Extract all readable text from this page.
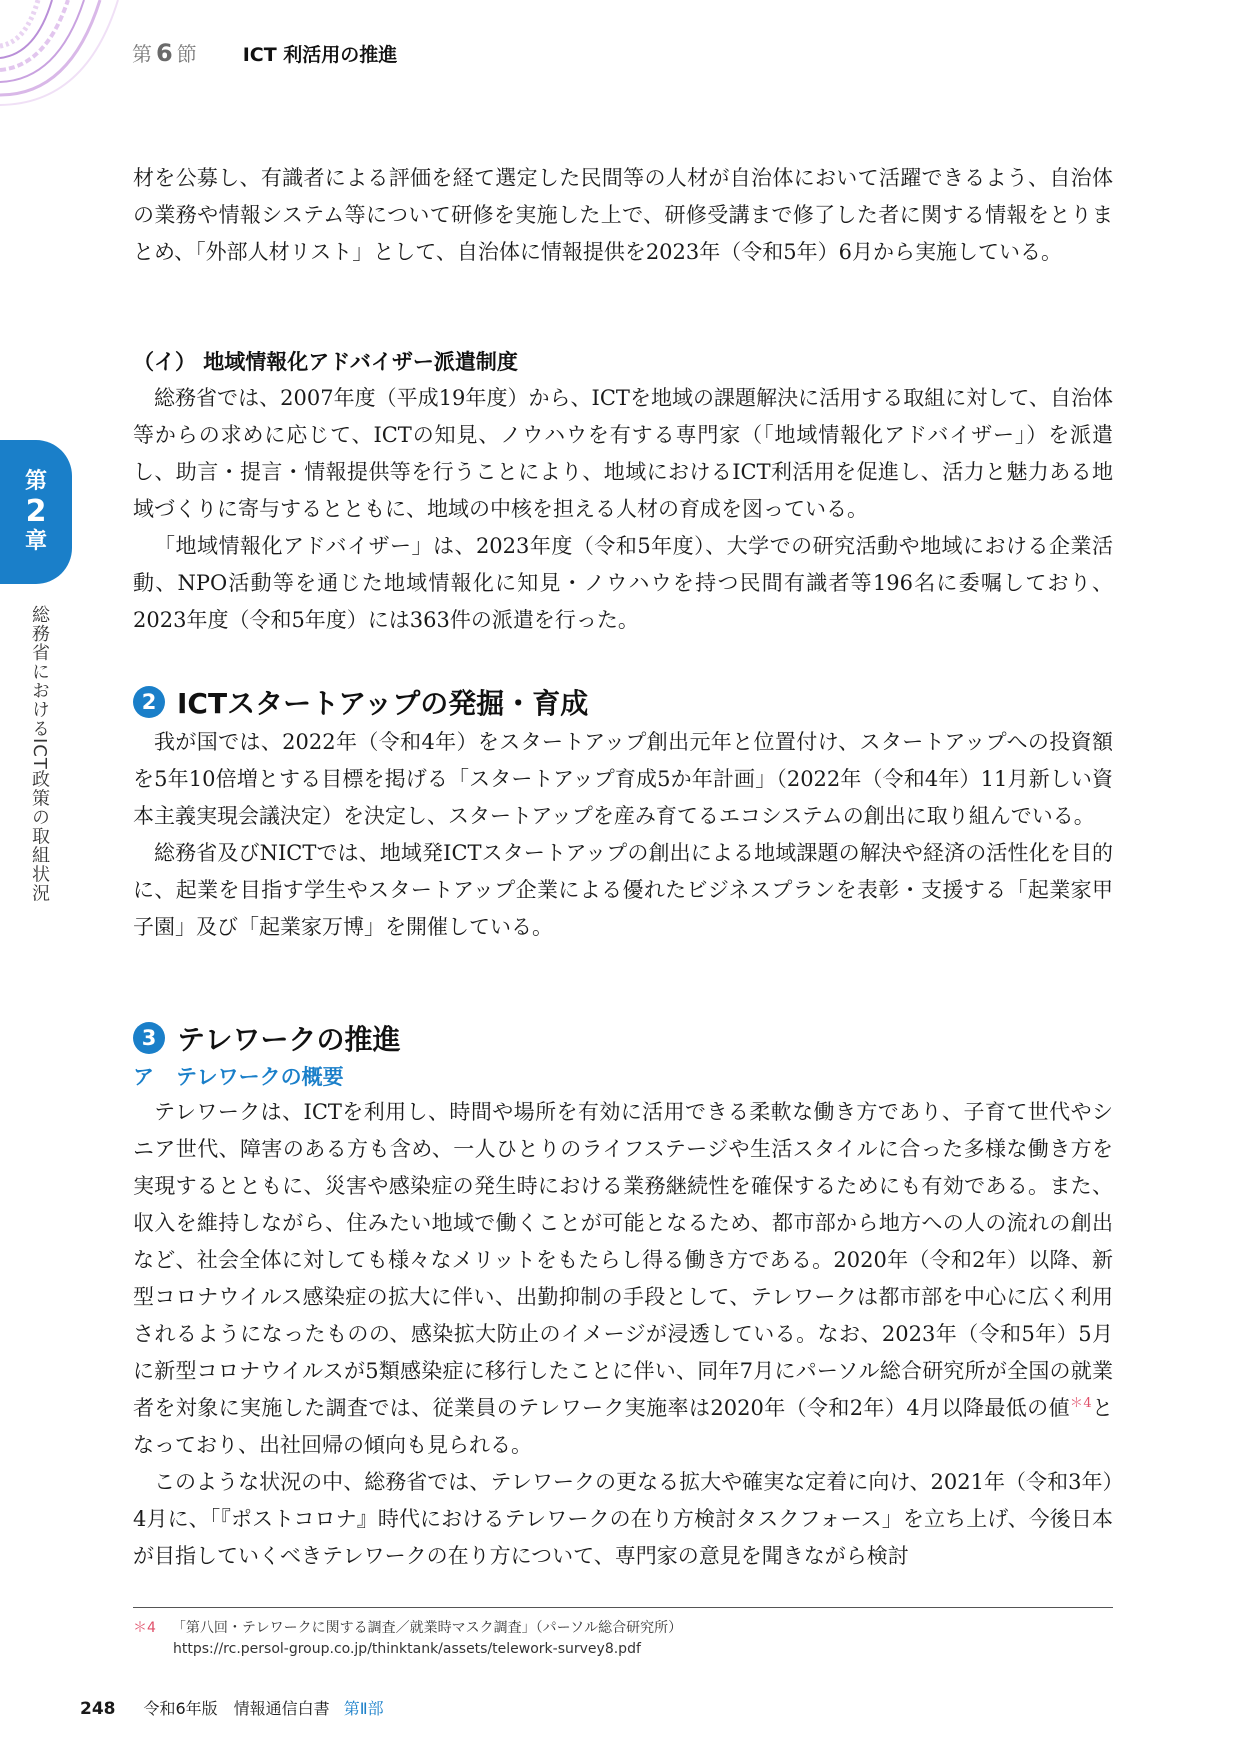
第 6 節 ICT 利活用の推進
第
2
章
総務省におけるICT政策の取組状況

材を公募し、有識者による評価を経て選定した民間等の人材が自治体において活躍できるよう、自治体の業務や情報システム等について研修を実施した上で、研修受講まで修了した者に関する情報をとりまとめ、「外部人材リスト」として、自治体に情報提供を2023年（令和5年）6月から実施している。

（イ） 地域情報化アドバイザー派遣制度

総務省では、2007年度（平成19年度）から、ICTを地域の課題解決に活用する取組に対して、自治体等からの求めに応じて、ICTの知見、ノウハウを有する専門家（「地域情報化アドバイザー」）を派遣し、助言・提言・情報提供等を行うことにより、地域におけるICT利活用を促進し、活力と魅力ある地域づくりに寄与するとともに、地域の中核を担える人材の育成を図っている。

「地域情報化アドバイザー」は、2023年度（令和5年度）、大学での研究活動や地域における企業活動、NPO活動等を通じた地域情報化に知見・ノウハウを持つ民間有識者等196名に委嘱しており、2023年度（令和5年度）には363件の派遣を行った。

2 ICTスタートアップの発掘・育成

我が国では、2022年（令和4年）をスタートアップ創出元年と位置付け、スタートアップへの投資額を5年10倍増とする目標を掲げる「スタートアップ育成5か年計画」（2022年（令和4年）11月新しい資本主義実現会議決定）を決定し、スタートアップを産み育てるエコシステムの創出に取り組んでいる。

総務省及びNICTでは、地域発ICTスタートアップの創出による地域課題の解決や経済の活性化を目的に、起業を目指す学生やスタートアップ企業による優れたビジネスプランを表彰・支援する「起業家甲子園」及び「起業家万博」を開催している。

3 テレワークの推進

ア テレワークの概要

テレワークは、ICTを利用し、時間や場所を有効に活用できる柔軟な働き方であり、子育て世代やシニア世代、障害のある方も含め、一人ひとりのライフステージや生活スタイルに合った多様な働き方を実現するとともに、災害や感染症の発生時における業務継続性を確保するためにも有効である。また、収入を維持しながら、住みたい地域で働くことが可能となるため、都市部から地方への人の流れの創出など、社会全体に対しても様々なメリットをもたらし得る働き方である。2020年（令和2年）以降、新型コロナウイルス感染症の拡大に伴い、出勤抑制の手段として、テレワークは都市部を中心に広く利用されるようになったものの、感染拡大防止のイメージが浸透している。なお、2023年（令和5年）5月に新型コロナウイルスが5類感染症に移行したことに伴い、同年7月にパーソル総合研究所が全国の就業者を対象に実施した調査では、従業員のテレワーク実施率は2020年（令和2年）4月以降最低の値$^{*4}$となっており、出社回帰の傾向も見られる。

このような状況の中、総務省では、テレワークの更なる拡大や確実な定着に向け、2021年（令和3年）4月に、「『ポストコロナ』時代におけるテレワークの在り方検討タスクフォース」を立ち上げ、今後日本が目指していくべきテレワークの在り方について、専門家の意見を聞きながら検討

＊4 「第八回・テレワークに関する調査／就業時マスク調査」（パーソル総合研究所）
https://rc.persol-group.co.jp/thinktank/assets/telework-survey8.pdf
248 令和6年版　情報通信白書 第Ⅱ部
